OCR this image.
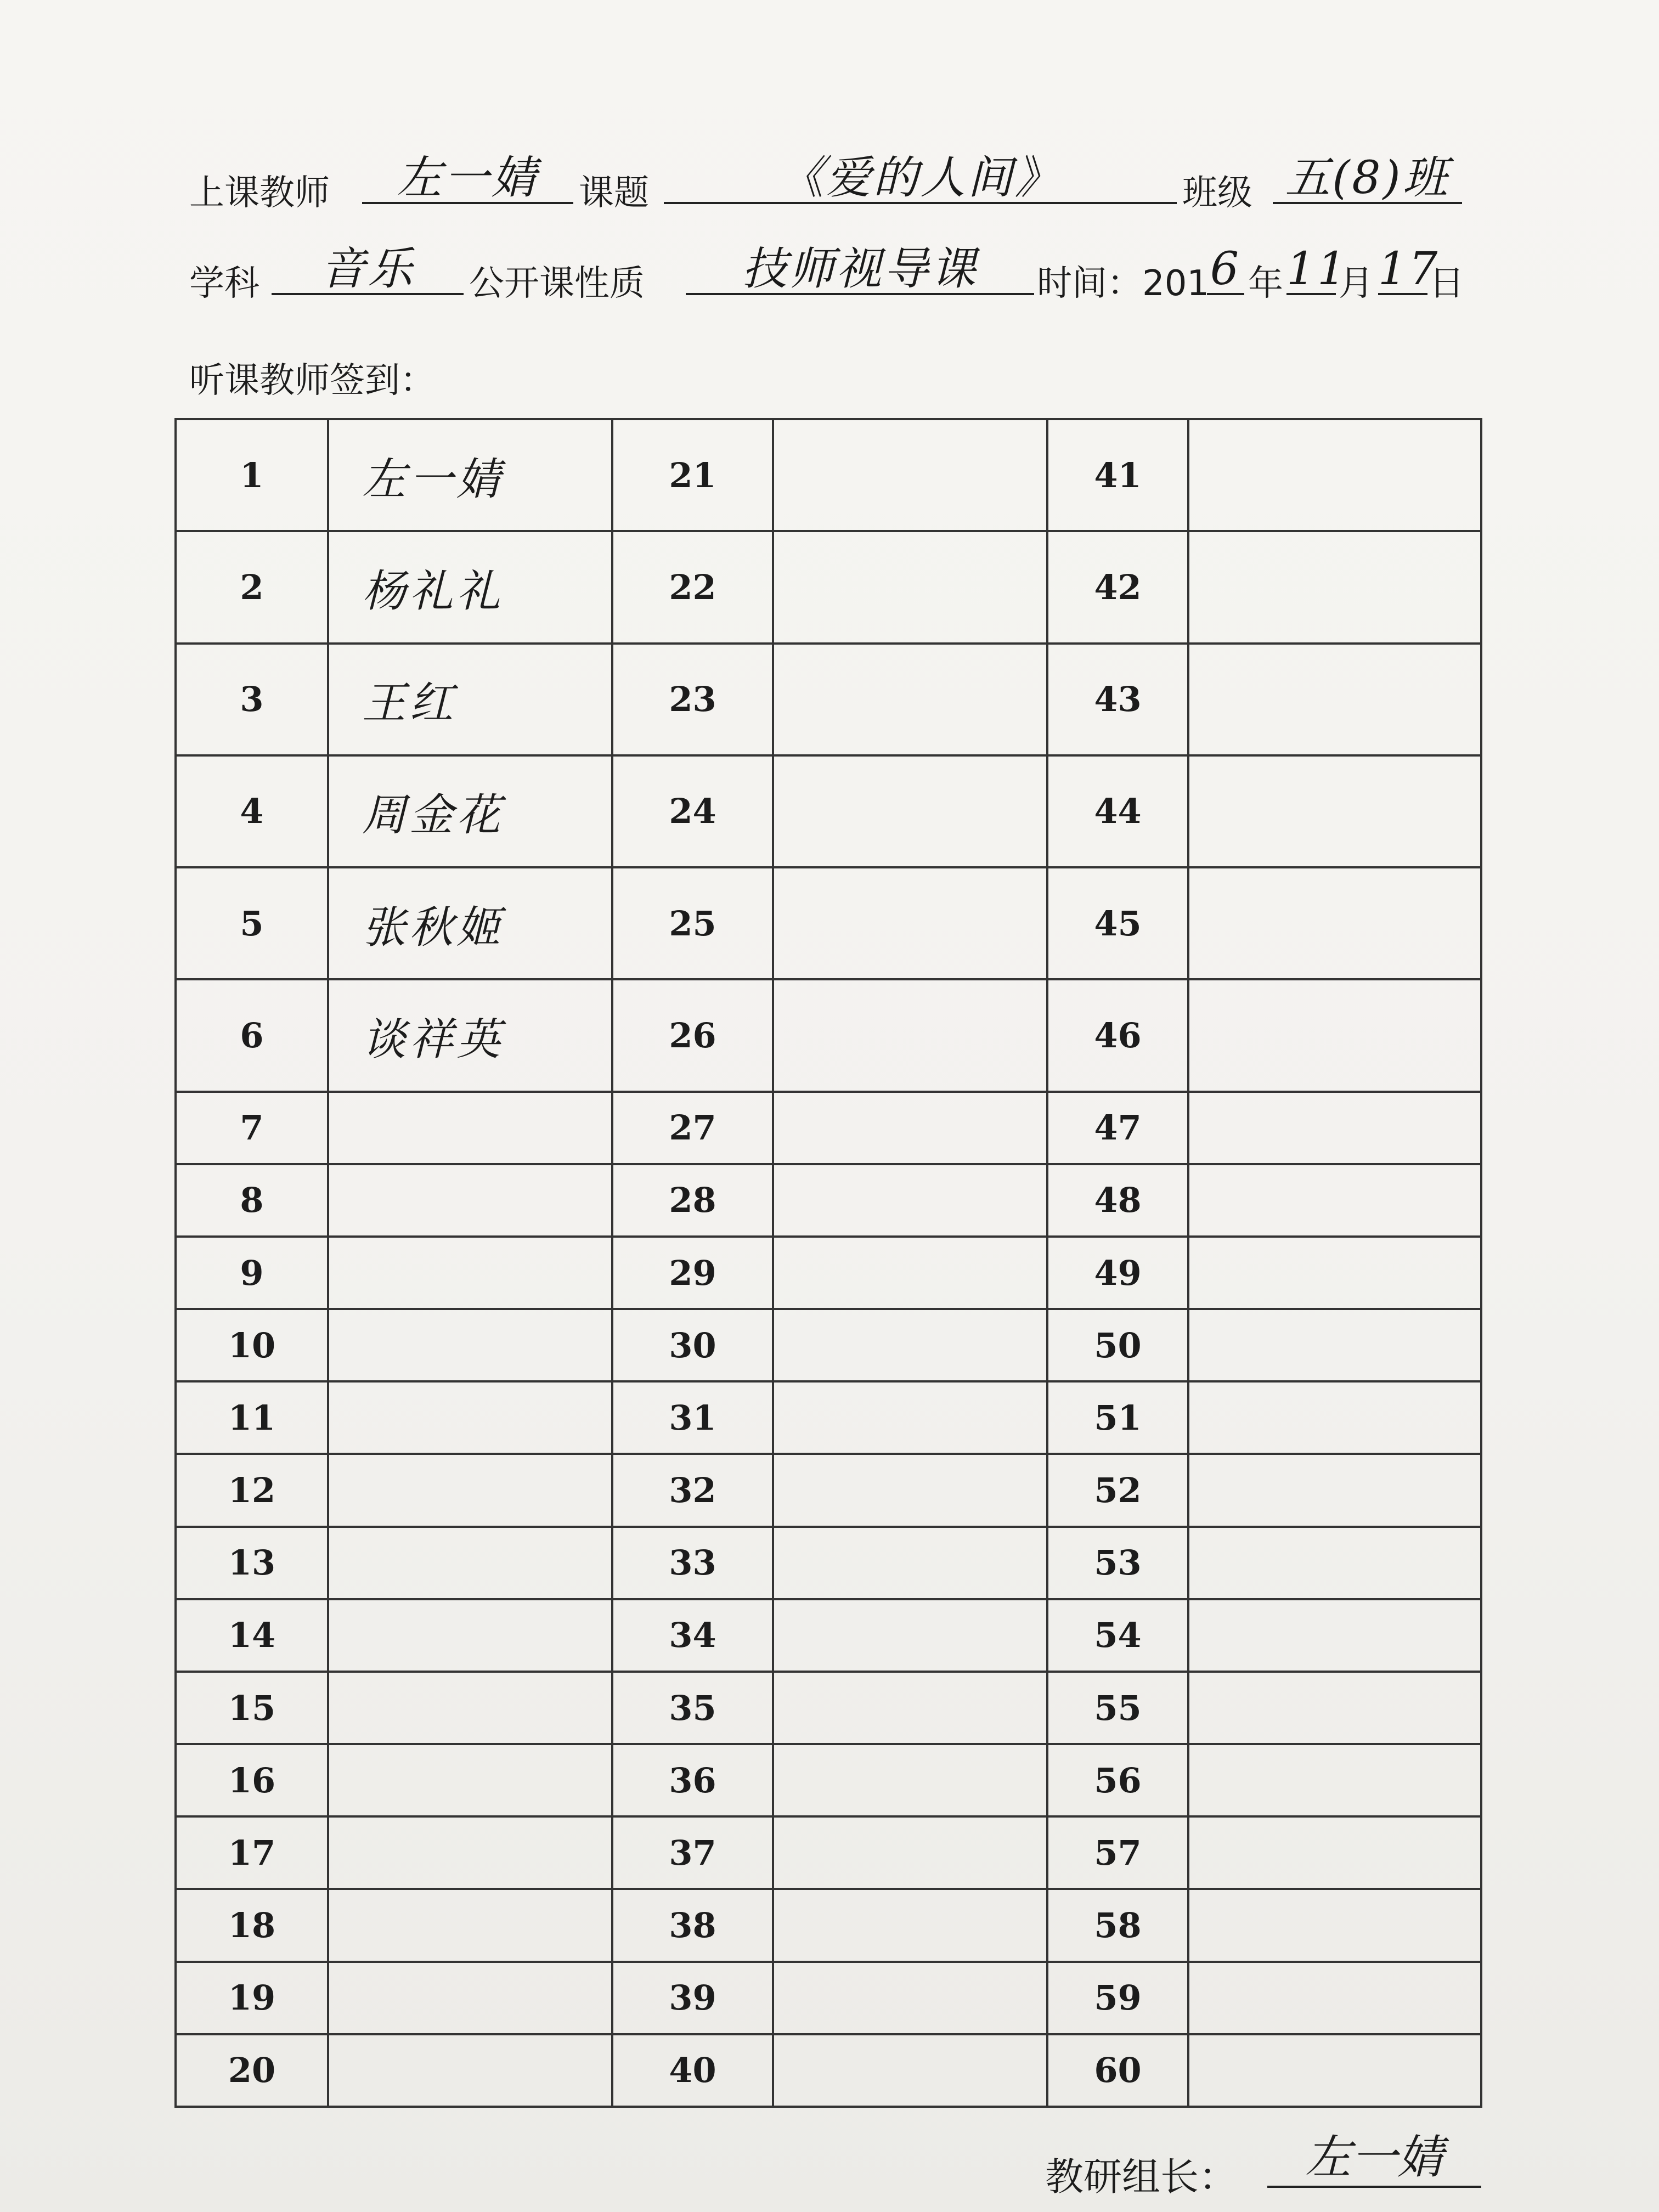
上课教师	左一婧	课题	《爱的人间》	班级 五(8)班
学科	音乐	公开课性质	技师视导课	时间：201 6 年 11
月 17
日
听课教师签到：
1	左一婧	21		41	
2	杨礼礼	22		42	
3	王红	23		43	
4	周金花	24		44	
5	张秋姬	25		45	
6	谈祥英	26		46	
7		27		47	
8		28		48	
9		29		49	
10		30		50	
11		31		51	
12		32		52	
13		33		53	
14		34		54	
15		35		55	
16		36		56	
17		37		57	
18		38		58	
19		39		59	
20		40		60	
教研组长：	左一婧
